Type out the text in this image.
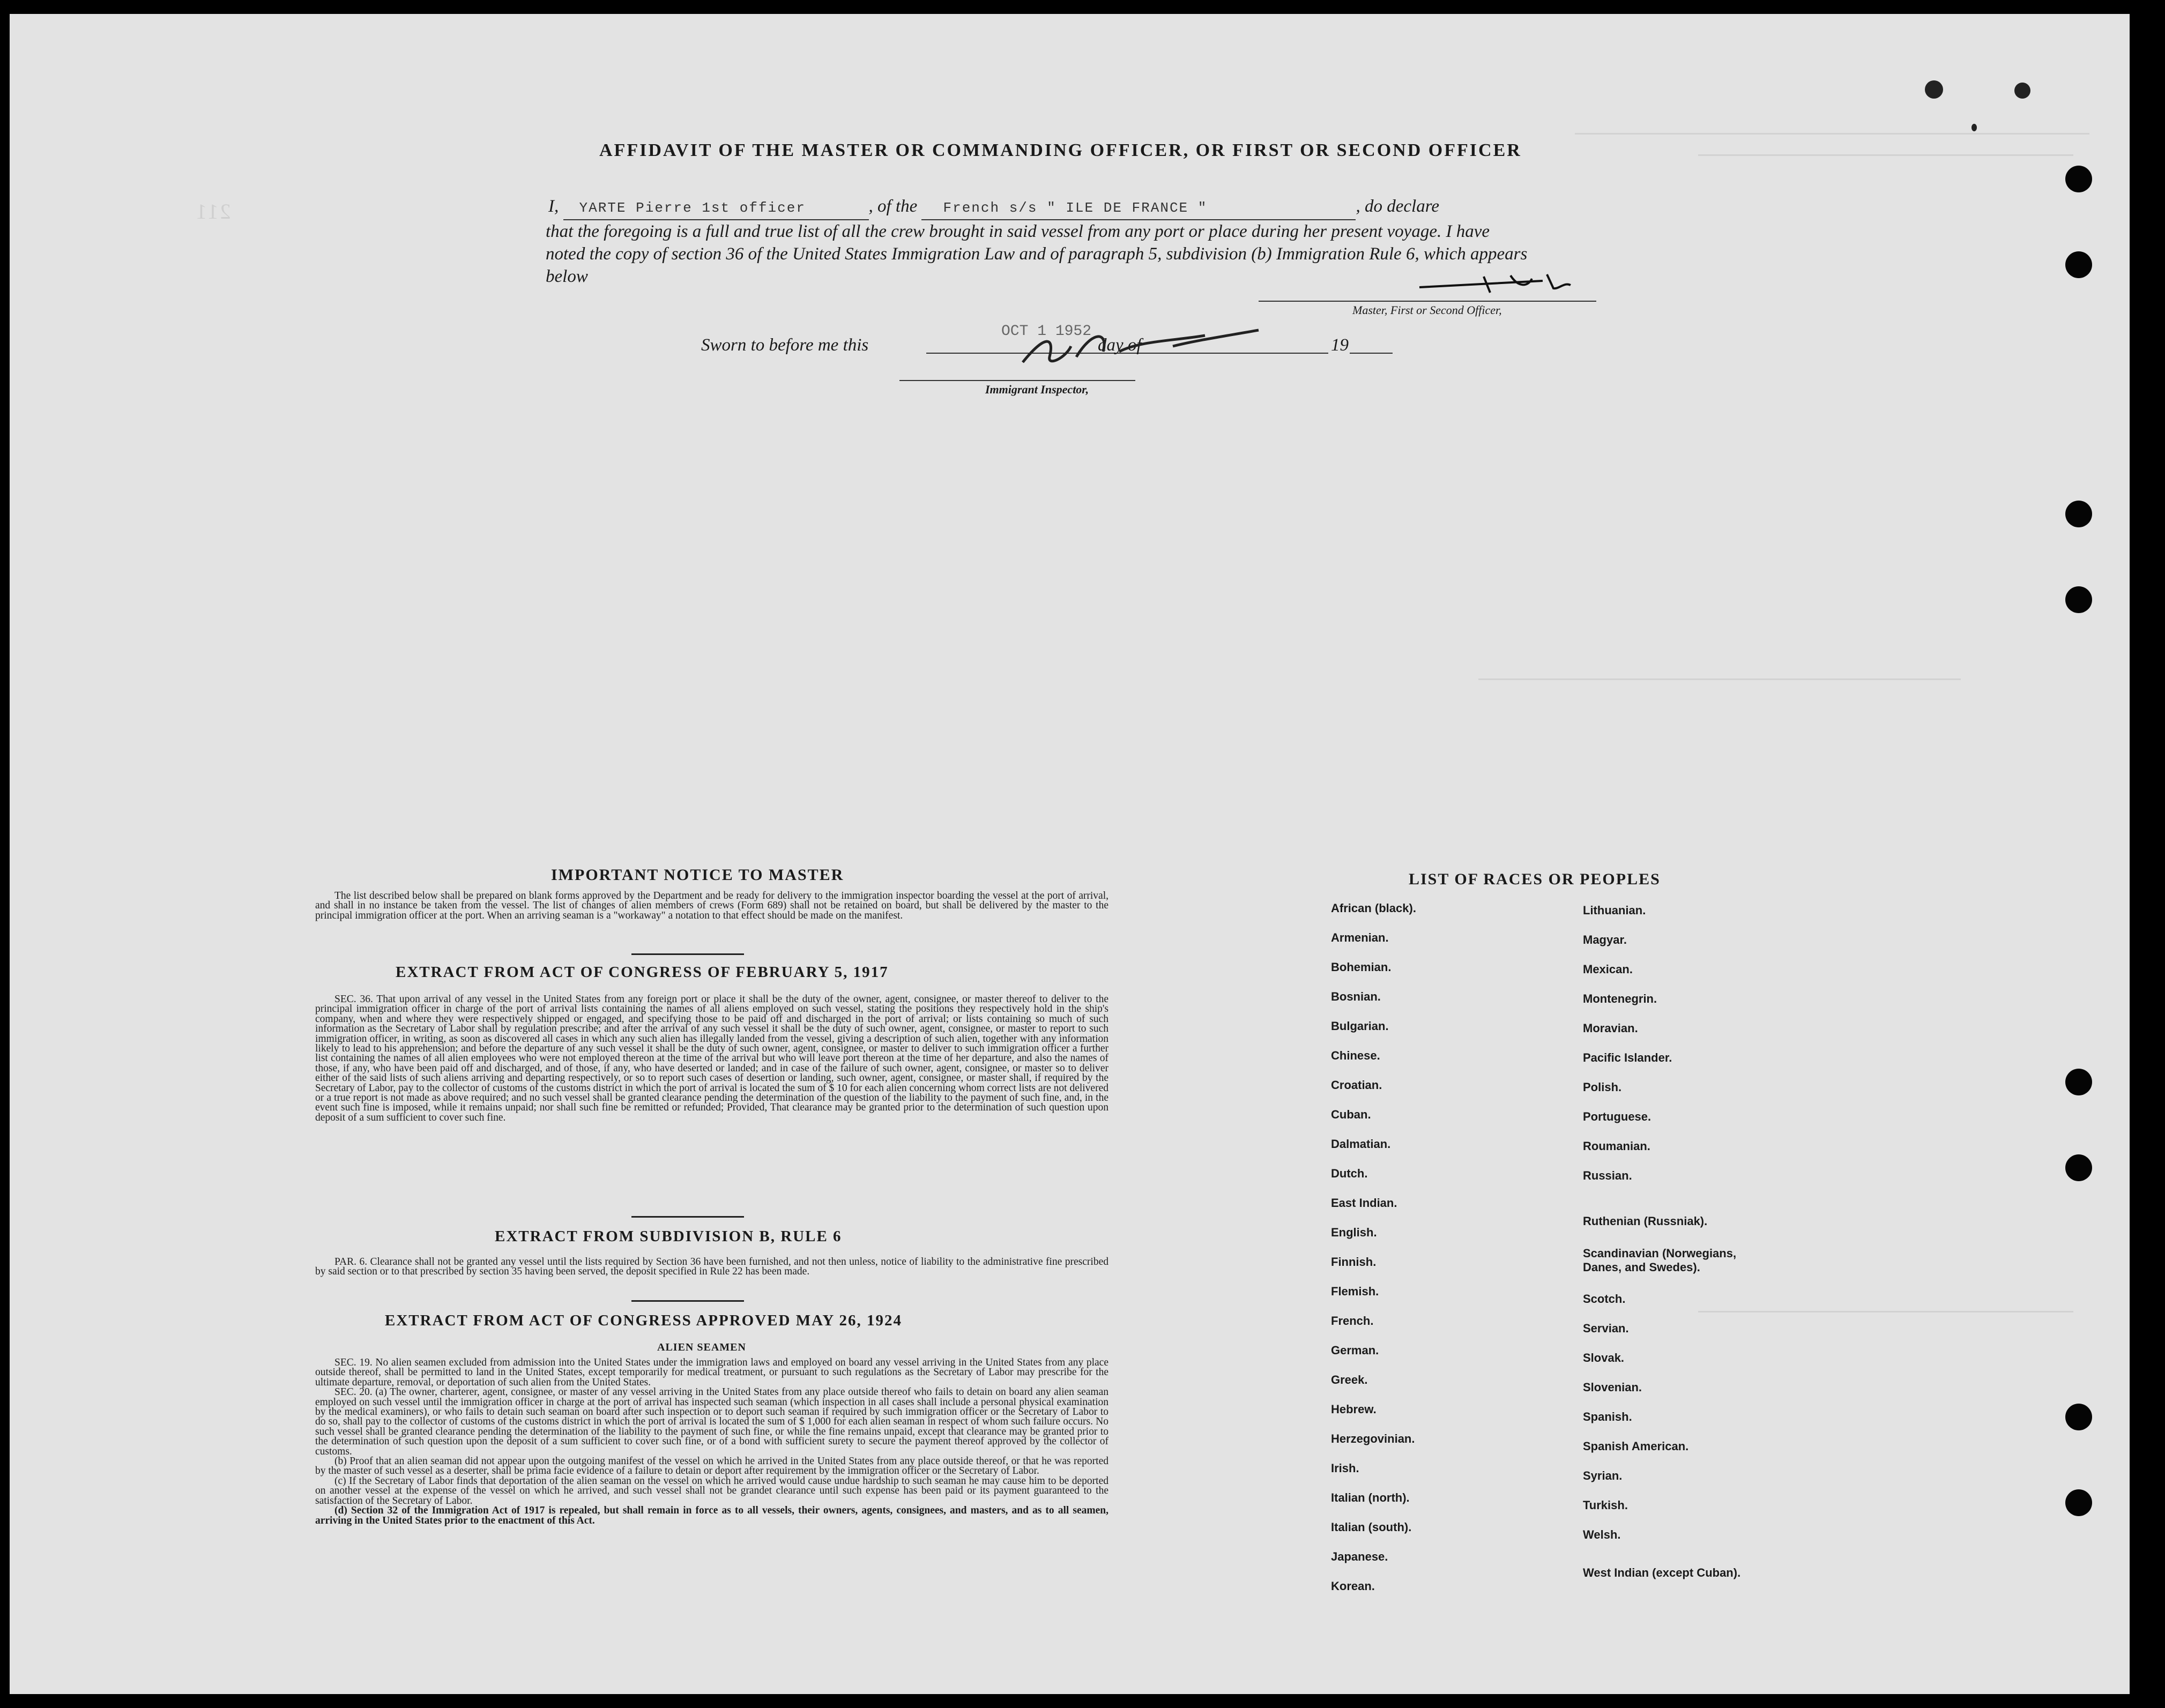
211
AFFIDAVIT OF THE MASTER OR COMMANDING OFFICER, OR FIRST OR SECOND OFFICER
I, YARTE Pierre 1st officer	, of the French s/s " ILE DE FRANCE "	, do declare
that the foregoing is a full and true list of all the crew brought in said vessel from any port or place during her present voyage. I have noted the copy of section 36 of the United States Immigration Law and of paragraph 5, subdivision (b) Immigration Rule 6, which appears below
Master, First or Second Officer,
Sworn to before me this
OCT 1 1952
day of	19
Immigrant Inspector,
IMPORTANT NOTICE TO MASTER

The list described below shall be prepared on blank forms approved by the Department and be ready for delivery to the immigration inspector boarding the vessel at the port of arrival, and shall in no instance be taken from the vessel. The list of changes of alien members of crews (Form 689) shall not be retained on board, but shall be delivered by the master to the principal immigration officer at the port. When an arriving seaman is a "workaway" a notation to that effect should be made on the manifest.

EXTRACT FROM ACT OF CONGRESS OF FEBRUARY 5, 1917

SEC. 36. That upon arrival of any vessel in the United States from any foreign port or place it shall be the duty of the owner, agent, consignee, or master thereof to deliver to the principal immigration officer in charge of the port of arrival lists containing the names of all aliens employed on such vessel, stating the positions they respectively hold in the ship's company, when and where they were respectively shipped or engaged, and specifying those to be paid off and discharged in the port of arrival; or lists containing so much of such information as the Secretary of Labor shall by regulation prescribe; and after the arrival of any such vessel it shall be the duty of such owner, agent, consignee, or master to report to such immigration officer, in writing, as soon as discovered all cases in which any such alien has illegally landed from the vessel, giving a description of such alien, together with any information likely to lead to his apprehension; and before the departure of any such vessel it shall be the duty of such owner, agent, consignee, or master to deliver to such immigration officer a further list containing the names of all alien employees who were not employed thereon at the time of the arrival but who will leave port thereon at the time of her departure, and also the names of those, if any, who have been paid off and discharged, and of those, if any, who have deserted or landed; and in case of the failure of such owner, agent, consignee, or master so to deliver either of the said lists of such aliens arriving and departing respectively, or so to report such cases of desertion or landing, such owner, agent, consignee, or master shall, if required by the Secretary of Labor, pay to the collector of customs of the customs district in which the port of arrival is located the sum of $ 10 for each alien concerning whom correct lists are not delivered or a true report is not made as above required; and no such vessel shall be granted clearance pending the determination of the question of the liability to the payment of such fine, and, in the event such fine is imposed, while it remains unpaid; nor shall such fine be remitted or refunded; Provided, That clearance may be granted prior to the determination of such question upon deposit of a sum sufficient to cover such fine.

EXTRACT FROM SUBDIVISION B, RULE 6

PAR. 6. Clearance shall not be granted any vessel until the lists required by Section 36 have been furnished, and not then unless, notice of liability to the administrative fine prescribed by said section or to that prescribed by section 35 having been served, the deposit specified in Rule 22 has been made.

EXTRACT FROM ACT OF CONGRESS APPROVED MAY 26, 1924
ALIEN SEAMEN

SEC. 19. No alien seamen excluded from admission into the United States under the immigration laws and employed on board any vessel arriving in the United States from any place outside thereof, shall be permitted to land in the United States, except temporarily for medical treatment, or pursuant to such regulations as the Secretary of Labor may prescribe for the ultimate departure, removal, or deportation of such alien from the United States.

SEC. 20. (a) The owner, charterer, agent, consignee, or master of any vessel arriving in the United States from any place outside thereof who fails to detain on board any alien seaman employed on such vessel until the immigration officer in charge at the port of arrival has inspected such seaman (which inspection in all cases shall include a personal physical examination by the medical examiners), or who fails to detain such seaman on board after such inspection or to deport such seaman if required by such immigration officer or the Secretary of Labor to do so, shall pay to the collector of customs of the customs district in which the port of arrival is located the sum of $ 1,000 for each alien seaman in respect of whom such failure occurs. No such vessel shall be granted clearance pending the determination of the liability to the payment of such fine, or while the fine remains unpaid, except that clearance may be granted prior to the determination of such question upon the deposit of a sum sufficient to cover such fine, or of a bond with sufficient surety to secure the payment thereof approved by the collector of customs.

(b) Proof that an alien seaman did not appear upon the outgoing manifest of the vessel on which he arrived in the United States from any place outside thereof, or that he was reported by the master of such vessel as a deserter, shall be prima facie evidence of a failure to detain or deport after requirement by the immigration officer or the Secretary of Labor.

(c) If the Secretary of Labor finds that deportation of the alien seaman on the vessel on which he arrived would cause undue hardship to such seaman he may cause him to be deported on another vessel at the expense of the vessel on which he arrived, and such vessel shall not be grandet clearance until such expense has been paid or its payment guaranteed to the satisfaction of the Secretary of Labor.

(d) Section 32 of the Immigration Act of 1917 is repealed, but shall remain in force as to all vessels, their owners, agents, consignees, and masters, and as to all seamen, arriving in the United States prior to the enactment of this Act.

LIST OF RACES OR PEOPLES
African (black).
Armenian.
Bohemian.
Bosnian.
Bulgarian.
Chinese.
Croatian.
Cuban.
Dalmatian.
Dutch.
East Indian.
English.
Finnish.
Flemish.
French.
German.
Greek.
Hebrew.
Herzegovinian.
Irish.
Italian (north).
Italian (south).
Japanese.
Korean.
Lithuanian.
Magyar.
Mexican.
Montenegrin.
Moravian.
Pacific Islander.
Polish.
Portuguese.
Roumanian.
Russian.
Ruthenian (Russniak).
Scandinavian (Norwegians, Danes, and Swedes).
Scotch.
Servian.
Slovak.
Slovenian.
Spanish.
Spanish American.
Syrian.
Turkish.
Welsh.
West Indian (except Cuban).
